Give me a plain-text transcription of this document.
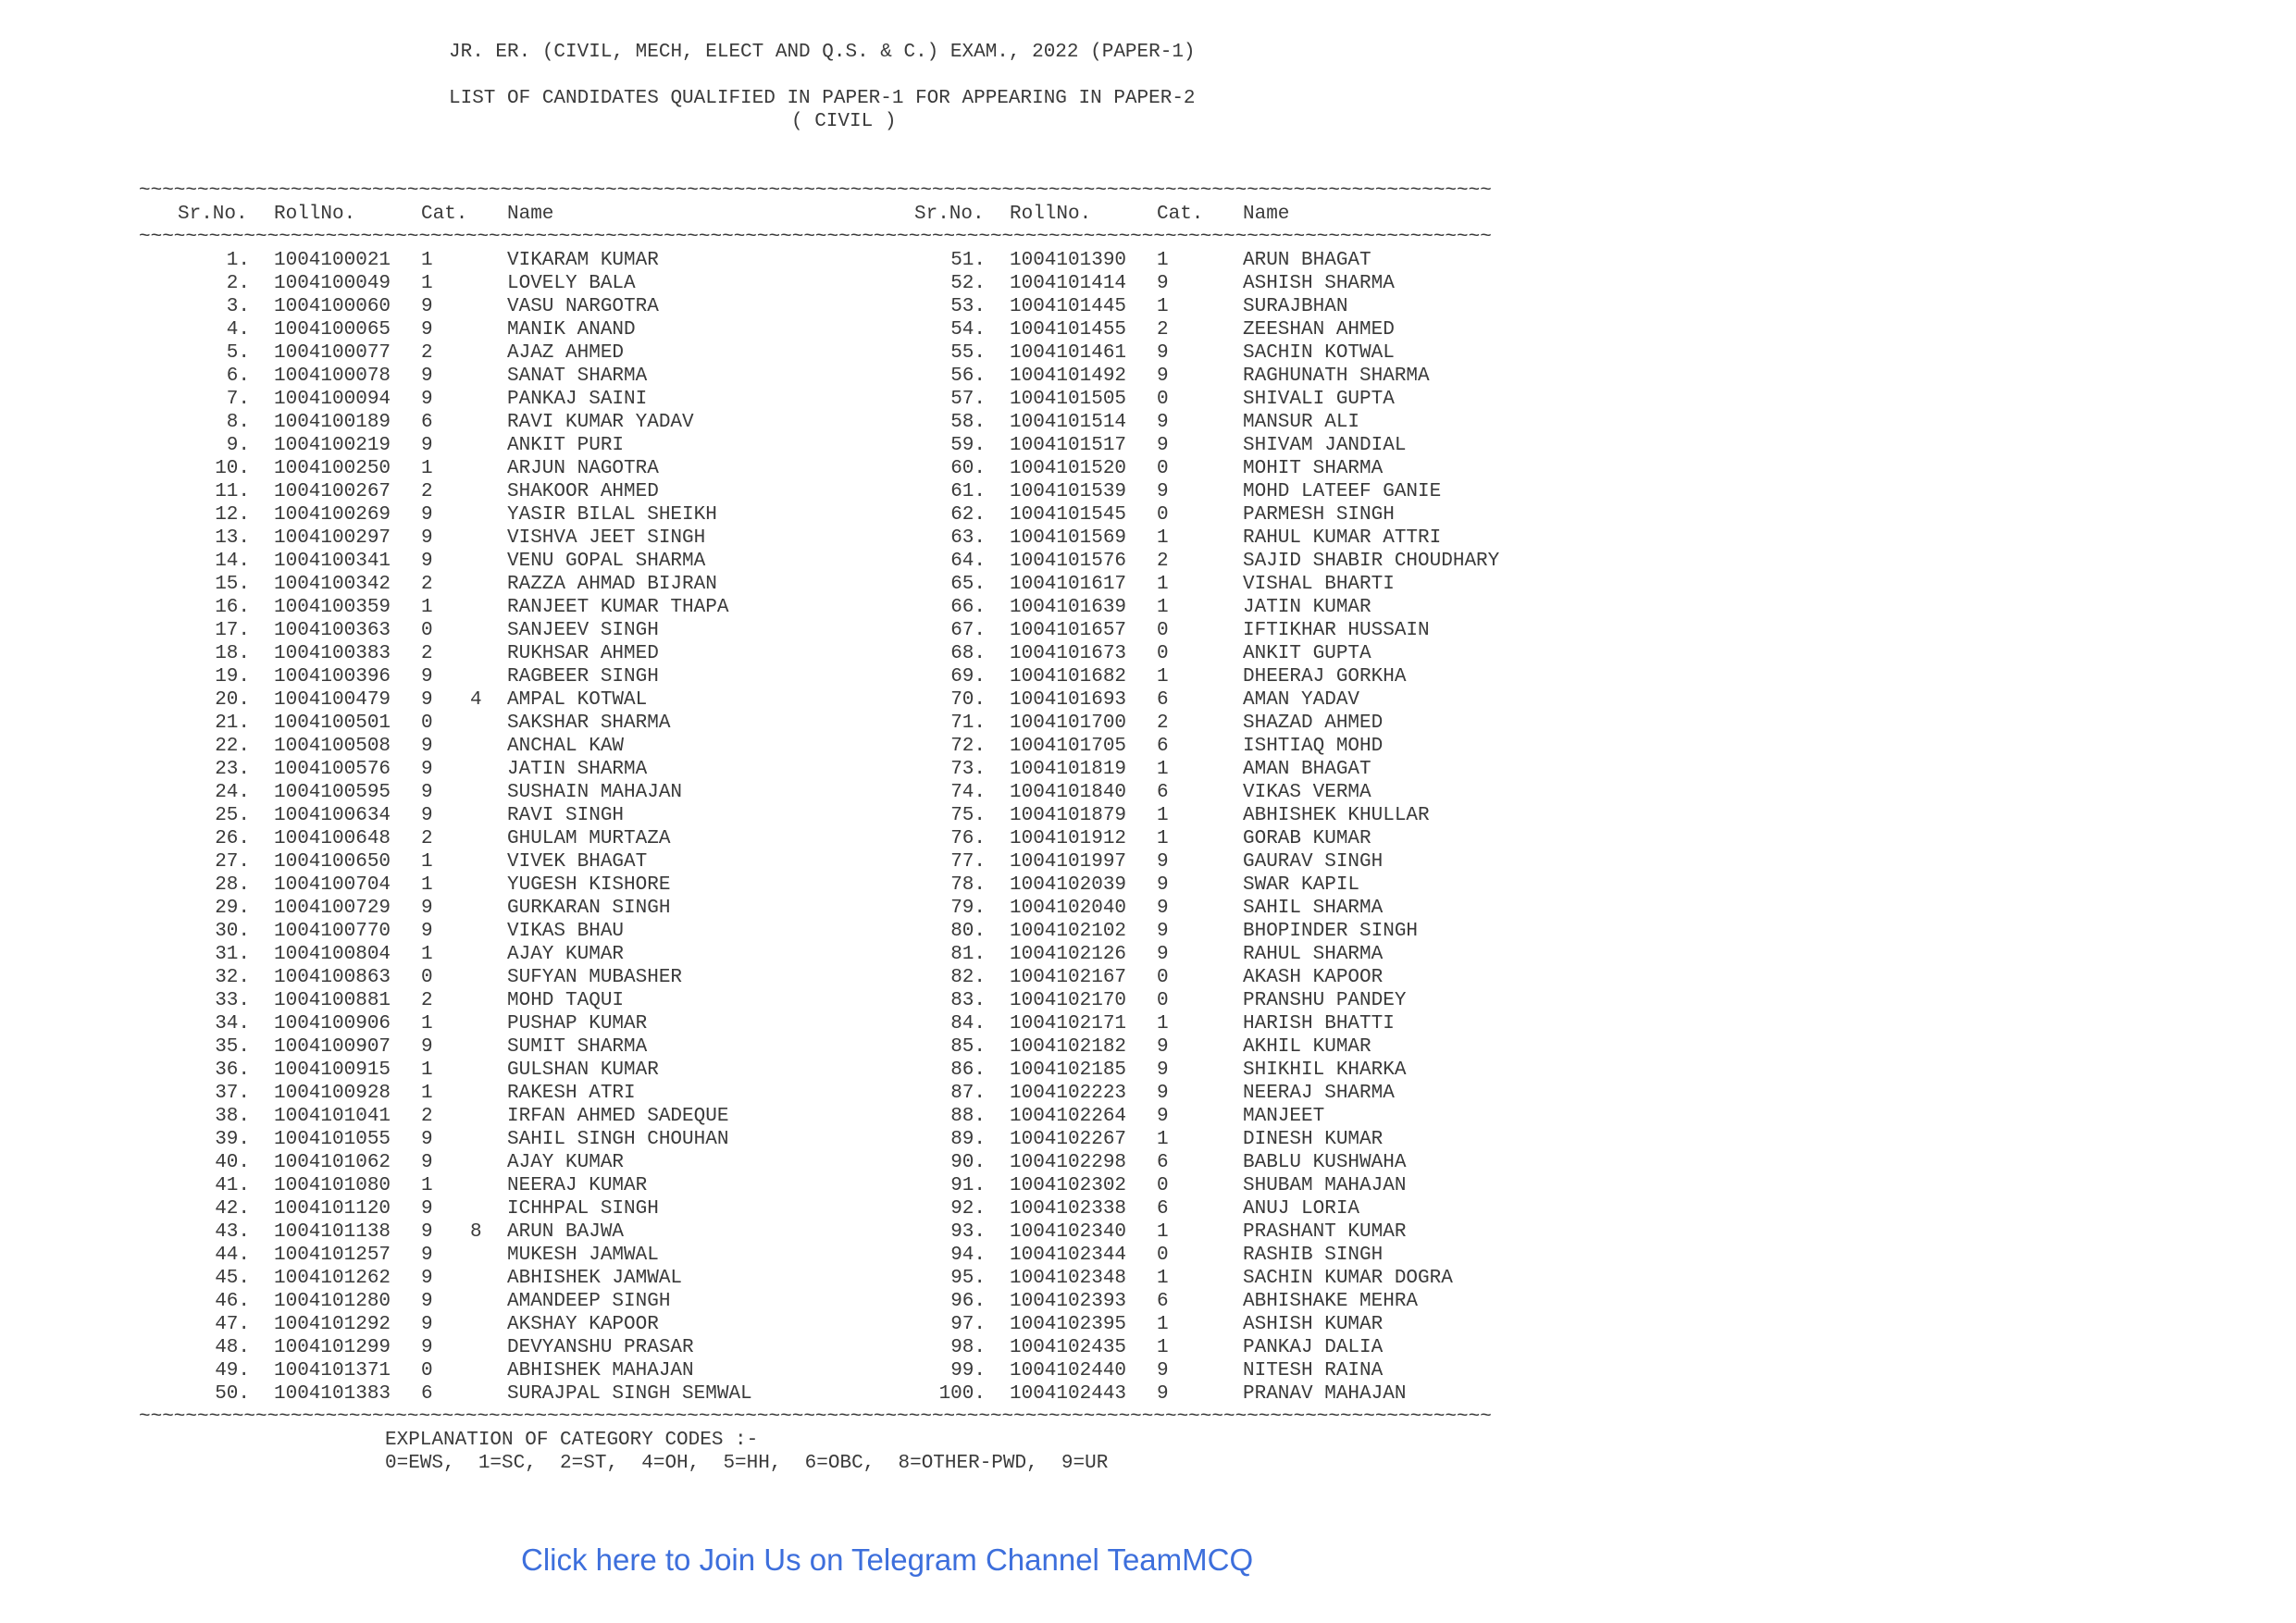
JR. ER. (CIVIL, MECH, ELECT AND Q.S. & C.) EXAM., 2022 (PAPER-1)
LIST OF CANDIDATES QUALIFIED IN PAPER-1 FOR APPEARING IN PAPER-2
( CIVIL )
~~~~~~~~~~~~~~~~~~~~~~~~~~~~~~~~~~~~~~~~~~~~~~~~~~~~~~~~~~~~~~~~~~~~~~~~~~~~~~~~~~~~~~~~~~~~~~~~~~~~~~~~~~~~~~~~~~~~
Sr.No. RollNo.	Cat. Name	Sr.No. RollNo.	Cat. Name
~~~~~~~~~~~~~~~~~~~~~~~~~~~~~~~~~~~~~~~~~~~~~~~~~~~~~~~~~~~~~~~~~~~~~~~~~~~~~~~~~~~~~~~~~~~~~~~~~~~~~~~~~~~~~~~~~~~~
1. 1004100021 1	VIKARAM KUMAR	51. 1004101390 1	ARUN BHAGAT
2. 1004100049 1	LOVELY BALA	52. 1004101414 9	ASHISH SHARMA
3. 1004100060 9	VASU NARGOTRA	53. 1004101445 1	SURAJBHAN
4. 1004100065 9	MANIK ANAND	54. 1004101455 2	ZEESHAN AHMED
5. 1004100077 2	AJAZ AHMED	55. 1004101461 9	SACHIN KOTWAL
6. 1004100078 9	SANAT SHARMA	56. 1004101492 9	RAGHUNATH SHARMA
7. 1004100094 9	PANKAJ SAINI	57. 1004101505 0	SHIVALI GUPTA
8. 1004100189 6	RAVI KUMAR YADAV	58. 1004101514 9	MANSUR ALI
9. 1004100219 9	ANKIT PURI	59. 1004101517 9	SHIVAM JANDIAL
10. 1004100250 1	ARJUN NAGOTRA	60. 1004101520 0	MOHIT SHARMA
11. 1004100267 2	SHAKOOR AHMED	61. 1004101539 9	MOHD LATEEF GANIE
12. 1004100269 9	YASIR BILAL SHEIKH	62. 1004101545 0	PARMESH SINGH
13. 1004100297 9	VISHVA JEET SINGH	63. 1004101569 1	RAHUL KUMAR ATTRI
14. 1004100341 9	VENU GOPAL SHARMA	64. 1004101576 2	SAJID SHABIR CHOUDHARY
15. 1004100342 2	RAZZA AHMAD BIJRAN	65. 1004101617 1	VISHAL BHARTI
16. 1004100359 1	RANJEET KUMAR THAPA	66. 1004101639 1	JATIN KUMAR
17. 1004100363 0	SANJEEV SINGH	67. 1004101657 0	IFTIKHAR HUSSAIN
18. 1004100383 2	RUKHSAR AHMED	68. 1004101673 0	ANKIT GUPTA
19. 1004100396 9	RAGBEER SINGH	69. 1004101682 1	DHEERAJ GORKHA
20. 1004100479 9 4 AMPAL KOTWAL	70. 1004101693 6	AMAN YADAV
21. 1004100501 0	SAKSHAR SHARMA	71. 1004101700 2	SHAZAD AHMED
22. 1004100508 9	ANCHAL KAW	72. 1004101705 6	ISHTIAQ MOHD
23. 1004100576 9	JATIN SHARMA	73. 1004101819 1	AMAN BHAGAT
24. 1004100595 9	SUSHAIN MAHAJAN	74. 1004101840 6	VIKAS VERMA
25. 1004100634 9	RAVI SINGH	75. 1004101879 1	ABHISHEK KHULLAR
26. 1004100648 2	GHULAM MURTAZA	76. 1004101912 1	GORAB KUMAR
27. 1004100650 1	VIVEK BHAGAT	77. 1004101997 9	GAURAV SINGH
28. 1004100704 1	YUGESH KISHORE	78. 1004102039 9	SWAR KAPIL
29. 1004100729 9	GURKARAN SINGH	79. 1004102040 9	SAHIL SHARMA
30. 1004100770 9	VIKAS BHAU	80. 1004102102 9	BHOPINDER SINGH
31. 1004100804 1	AJAY KUMAR	81. 1004102126 9	RAHUL SHARMA
32. 1004100863 0	SUFYAN MUBASHER	82. 1004102167 0	AKASH KAPOOR
33. 1004100881 2	MOHD TAQUI	83. 1004102170 0	PRANSHU PANDEY
34. 1004100906 1	PUSHAP KUMAR	84. 1004102171 1	HARISH BHATTI
35. 1004100907 9	SUMIT SHARMA	85. 1004102182 9	AKHIL KUMAR
36. 1004100915 1	GULSHAN KUMAR	86. 1004102185 9	SHIKHIL KHARKA
37. 1004100928 1	RAKESH ATRI	87. 1004102223 9	NEERAJ SHARMA
38. 1004101041 2	IRFAN AHMED SADEQUE	88. 1004102264 9	MANJEET
39. 1004101055 9	SAHIL SINGH CHOUHAN	89. 1004102267 1	DINESH KUMAR
40. 1004101062 9	AJAY KUMAR	90. 1004102298 6	BABLU KUSHWAHA
41. 1004101080 1	NEERAJ KUMAR	91. 1004102302 0	SHUBAM MAHAJAN
42. 1004101120 9	ICHHPAL SINGH	92. 1004102338 6	ANUJ LORIA
43. 1004101138 9 8 ARUN BAJWA	93. 1004102340 1	PRASHANT KUMAR
44. 1004101257 9	MUKESH JAMWAL	94. 1004102344 0	RASHIB SINGH
45. 1004101262 9	ABHISHEK JAMWAL	95. 1004102348 1	SACHIN KUMAR DOGRA
46. 1004101280 9	AMANDEEP SINGH	96. 1004102393 6	ABHISHAKE MEHRA
47. 1004101292 9	AKSHAY KAPOOR	97. 1004102395 1	ASHISH KUMAR
48. 1004101299 9	DEVYANSHU PRASAR	98. 1004102435 1	PANKAJ DALIA
49. 1004101371 0	ABHISHEK MAHAJAN	99. 1004102440 9	NITESH RAINA
50. 1004101383 6	SURAJPAL SINGH SEMWAL	100. 1004102443 9	PRANAV MAHAJAN
~~~~~~~~~~~~~~~~~~~~~~~~~~~~~~~~~~~~~~~~~~~~~~~~~~~~~~~~~~~~~~~~~~~~~~~~~~~~~~~~~~~~~~~~~~~~~~~~~~~~~~~~~~~~~~~~~~~~
EXPLANATION OF CATEGORY CODES :-
0=EWS,  1=SC,  2=ST,  4=OH,  5=HH,  6=OBC,  8=OTHER-PWD,  9=UR
Click here to Join Us on Telegram Channel TeamMCQ
